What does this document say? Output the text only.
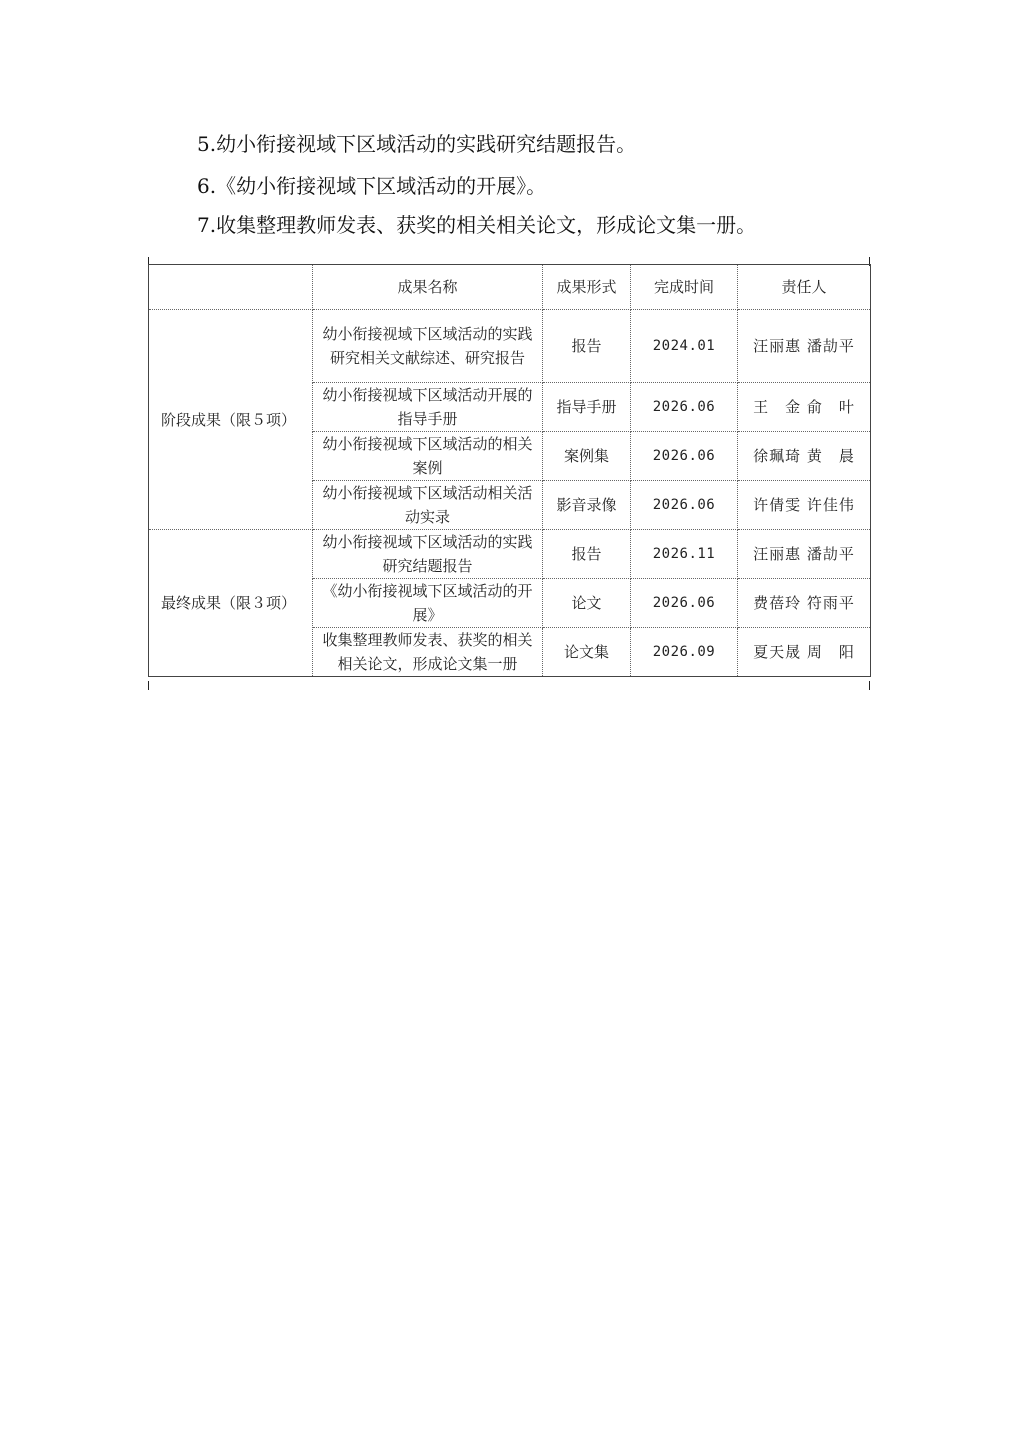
5.幼小衔接视域下区域活动的实践研究结题报告。
6.《幼小衔接视域下区域活动的开展》。
7.收集整理教师发表、获奖的相关相关论文，形成论文集一册。
	成果名称	成果形式	完成时间	责任人
阶段成果（限５项）	幼小衔接视域下区域活动的实践研究相关文献综述、研究报告	报告	2024.01	汪丽惠 潘劼平
	幼小衔接视域下区域活动开展的指导手册	指导手册	2026.06	王　金 俞　叶
	幼小衔接视域下区域活动的相关案例	案例集	2026.06	徐珮琦 黄　晨
	幼小衔接视域下区域活动相关活动实录	影音录像	2026.06	许倩雯 许佳伟
最终成果（限３项）	幼小衔接视域下区域活动的实践研究结题报告	报告	2026.11	汪丽惠 潘劼平
	《幼小衔接视域下区域活动的开展》	论文	2026.06	费蓓玲 符雨平
	收集整理教师发表、获奖的相关相关论文，形成论文集一册	论文集	2026.09	夏天晟 周　阳
